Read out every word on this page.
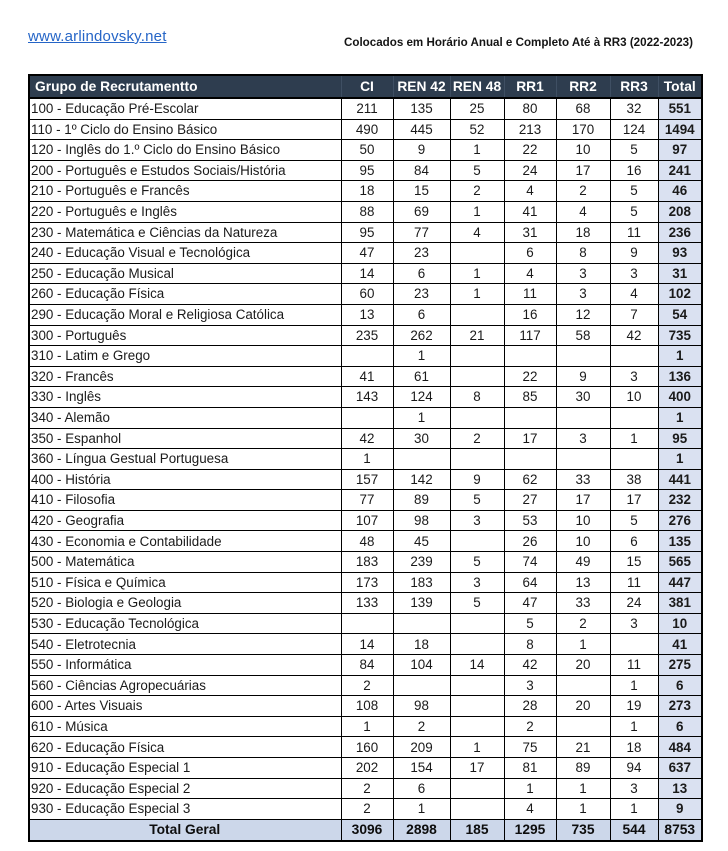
www.arlindovsky.net	Colocados em Horário Anual e Completo Até à RR3 (2022-2023)
Grupo de Recrutamentto	CI	REN 42	REN 48	RR1	RR2	RR3	Total
100 - Educação Pré-Escolar	211	135	25	80	68	32	551
110 - 1º Ciclo do Ensino Básico	490	445	52	213	170	124	1494
120 - Inglês do 1.º Ciclo do Ensino Básico	50	9	1	22	10	5	97
200 - Português e Estudos Sociais/História	95	84	5	24	17	16	241
210 - Português e Francês	18	15	2	4	2	5	46
220 - Português e Inglês	88	69	1	41	4	5	208
230 - Matemática e Ciências da Natureza	95	77	4	31	18	11	236
240 - Educação Visual e Tecnológica	47	23		6	8	9	93
250 - Educação Musical	14	6	1	4	3	3	31
260 - Educação Física	60	23	1	11	3	4	102
290 - Educação Moral e Religiosa Católica	13	6		16	12	7	54
300 - Português	235	262	21	117	58	42	735
310 - Latim e Grego		1					1
320 - Francês	41	61		22	9	3	136
330 - Inglês	143	124	8	85	30	10	400
340 - Alemão		1					1
350 - Espanhol	42	30	2	17	3	1	95
360 - Língua Gestual Portuguesa	1						1
400 - História	157	142	9	62	33	38	441
410 - Filosofia	77	89	5	27	17	17	232
420 - Geografia	107	98	3	53	10	5	276
430 - Economia e Contabilidade	48	45		26	10	6	135
500 - Matemática	183	239	5	74	49	15	565
510 - Física e Química	173	183	3	64	13	11	447
520 - Biologia e Geologia	133	139	5	47	33	24	381
530 - Educação Tecnológica				5	2	3	10
540 - Eletrotecnia	14	18		8	1		41
550 - Informática	84	104	14	42	20	11	275
560 - Ciências Agropecuárias	2			3		1	6
600 - Artes Visuais	108	98		28	20	19	273
610 - Música	1	2		2		1	6
620 - Educação Física	160	209	1	75	21	18	484
910 - Educação Especial 1	202	154	17	81	89	94	637
920 - Educação Especial 2	2	6		1	1	3	13
930 - Educação Especial 3	2	1		4	1	1	9
Total Geral	3096	2898	185	1295	735	544	8753
